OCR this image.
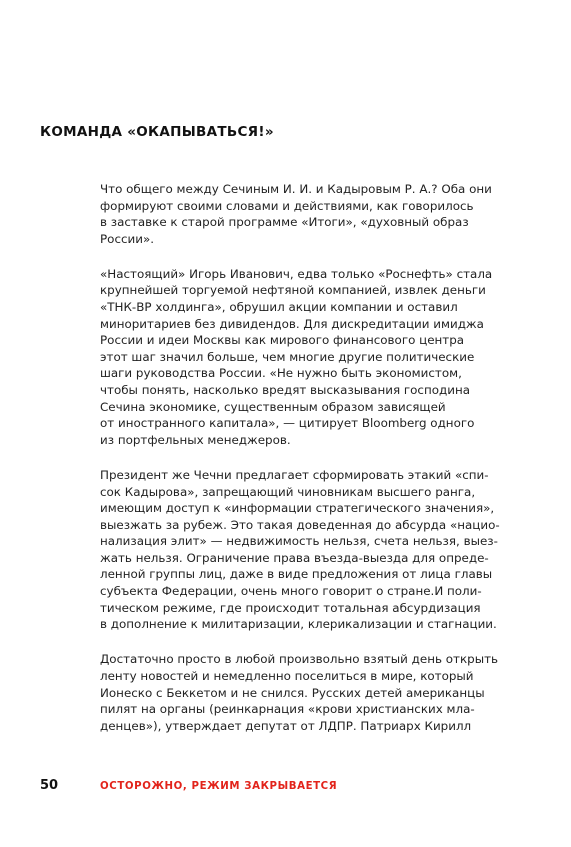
КОМАНДА «ОКАПЫВАТЬСЯ!»

Что общего между Сечиным И. И. и Кадыровым Р. А.? Оба они
формируют своими словами и действиями, как говорилось
в заставке к старой программе «Итоги», «духовный образ
России».

«Настоящий» Игорь Иванович, едва только «Роснефть» стала
крупнейшей торгуемой нефтяной компанией, извлек деньги
«ТНК-ВР холдинга», обрушил акции компании и оставил
миноритариев без дивидендов. Для дискредитации имиджа
России и идеи Москвы как мирового финансового центра
этот шаг значил больше, чем многие другие политические
шаги руководства России. «Не нужно быть экономистом,
чтобы понять, насколько вредят высказывания господина
Сечина экономике, существенным образом зависящей
от иностранного капитала», — цитирует Bloomberg одного
из портфельных менеджеров.

Президент же Чечни предлагает сформировать этакий «спи-
сок Кадырова», запрещающий чиновникам высшего ранга,
имеющим доступ к «информации стратегического значения»,
выезжать за рубеж. Это такая доведенная до абсурда «нацио-
нализация элит» — недвижимость нельзя, счета нельзя, выез-
жать нельзя. Ограничение права въезда-выезда для опреде-
ленной группы лиц, даже в виде предложения от лица главы
субъекта Федерации, очень много говорит о стране.И поли-
тическом режиме, где происходит тотальная абсурдизация
в дополнение к милитаризации, клерикализации и стагнации.

Достаточно просто в любой произвольно взятый день открыть
ленту новостей и немедленно поселиться в мире, который
Ионеско с Беккетом и не снился. Русских детей американцы
пилят на органы (реинкарнация «крови христианских мла-
денцев»), утверждает депутат от ЛДПР. Патриарх Кирилл

50	ОСТОРОЖНО, РЕЖИМ ЗАКРЫВАЕТСЯ
